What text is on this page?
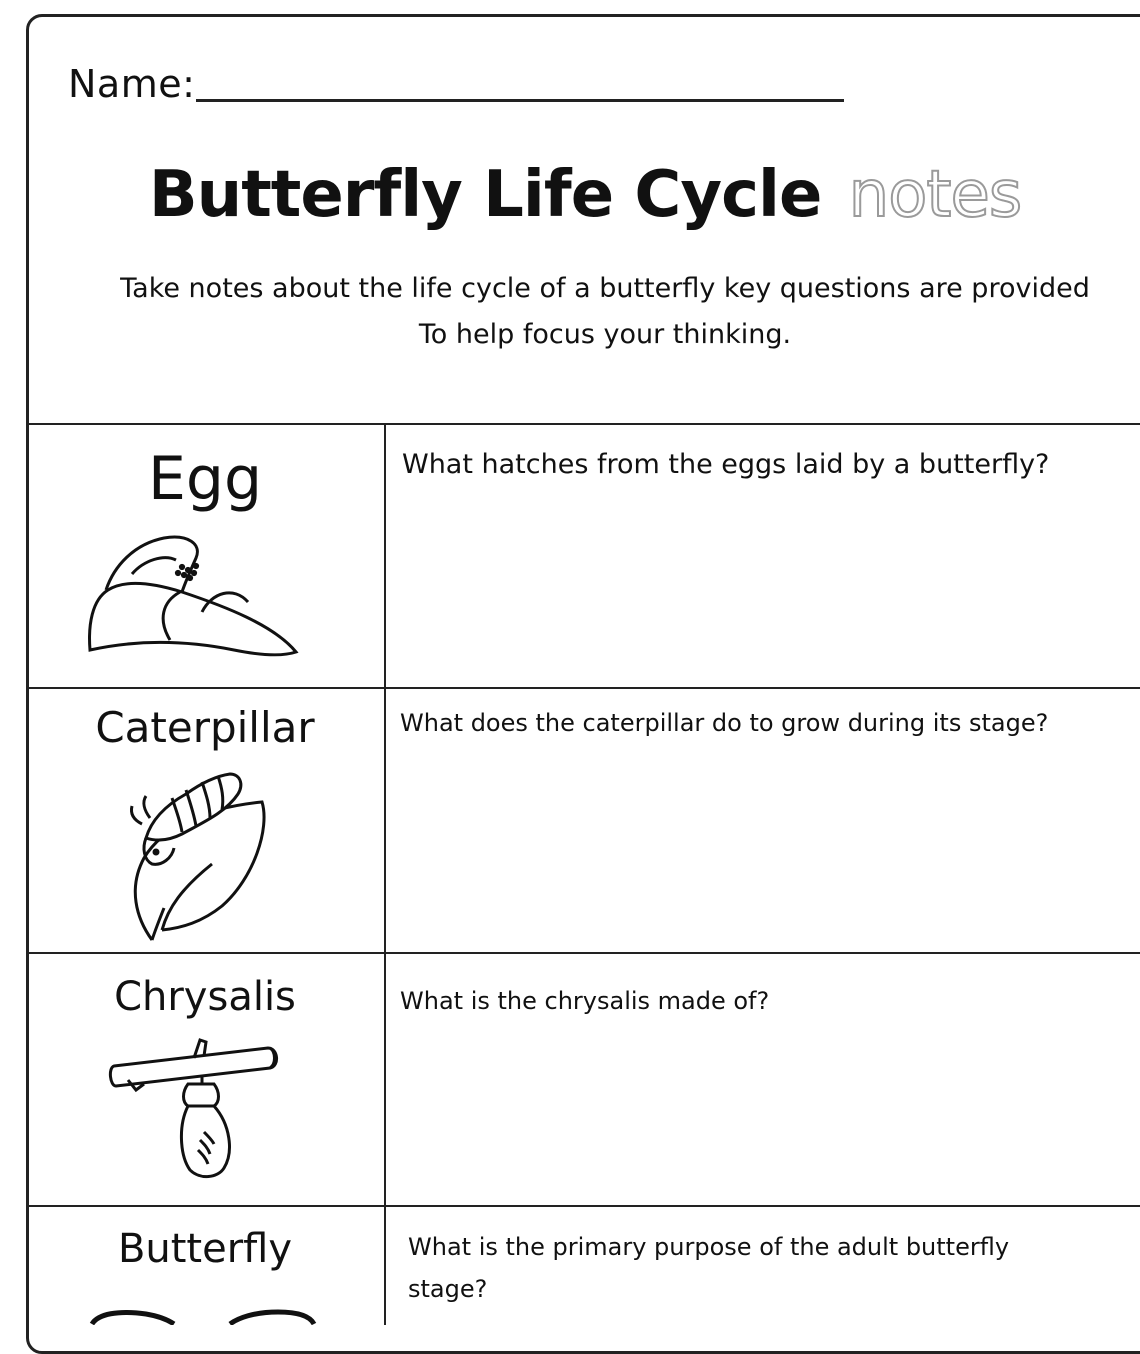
Name:
Butterfly Life Cycle notes
Take notes about the life cycle of a butterfly key questions are provided
To help focus your thinking.
Egg	What hatches from the eggs laid by a butterfly?
Caterpillar	What does the caterpillar do to grow during its stage?
Chrysalis	What is the chrysalis made of?
Butterfly	What is the primary purpose of the adult butterfly
stage?
